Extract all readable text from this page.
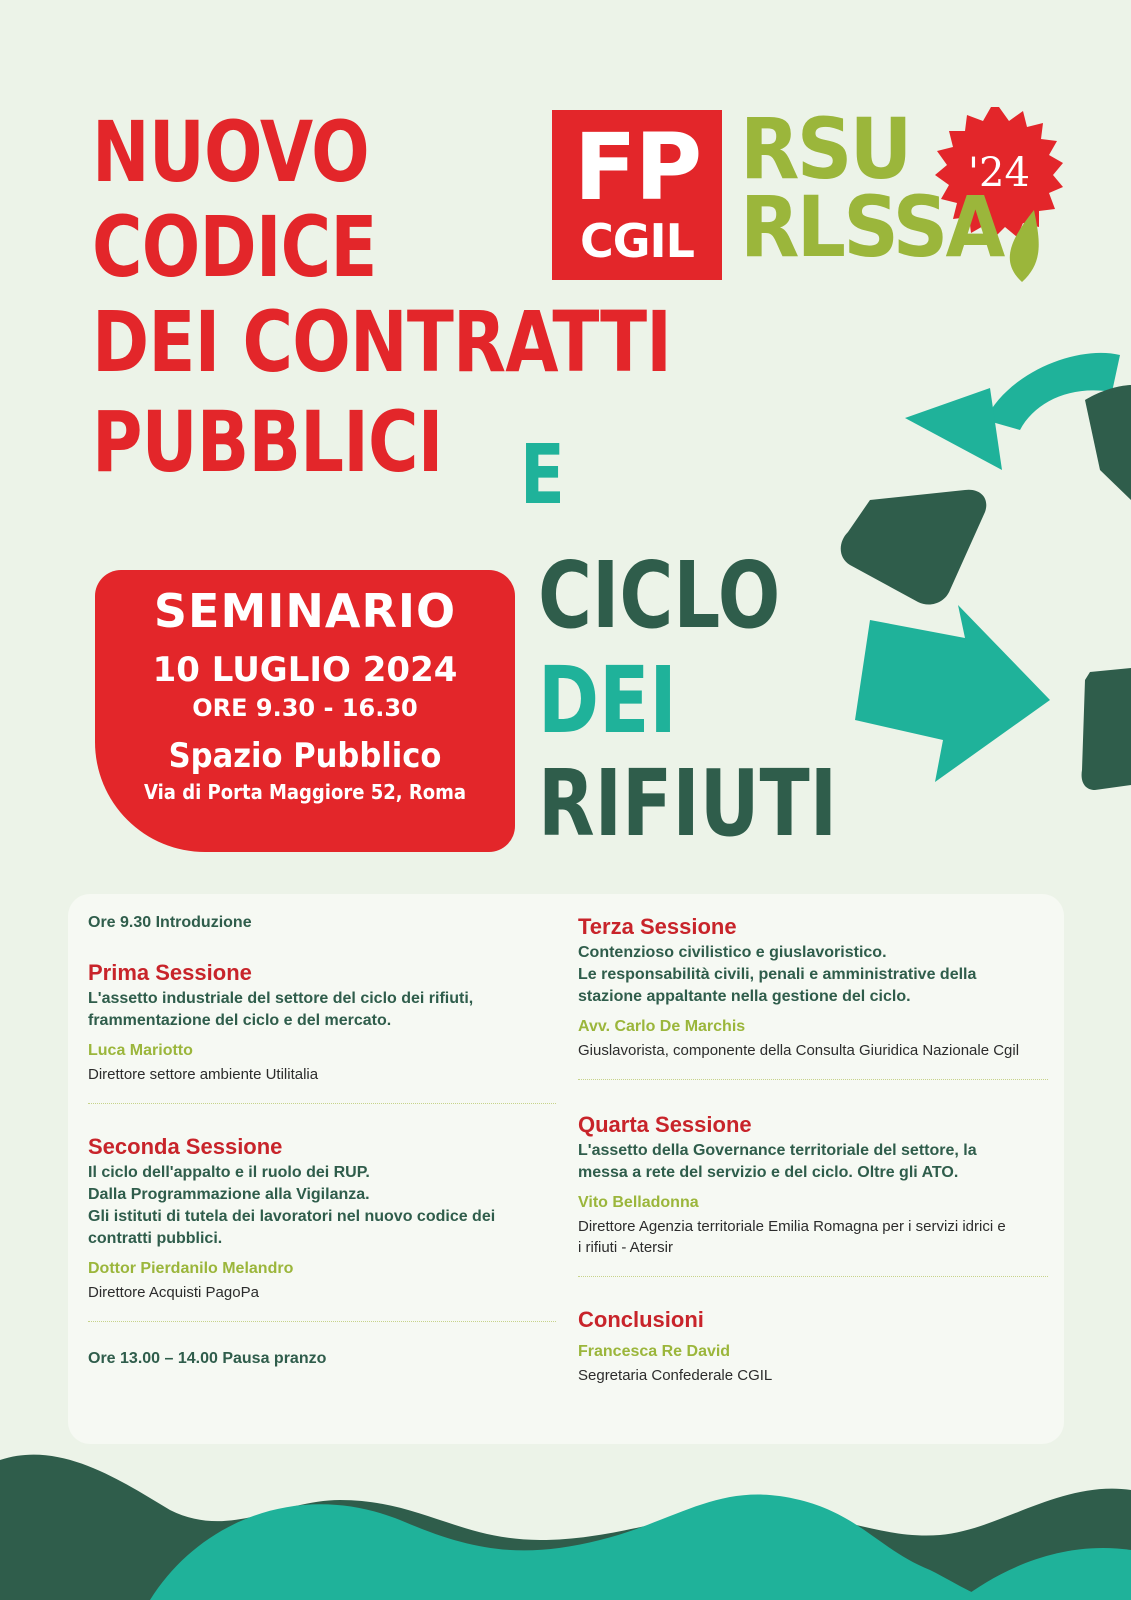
NUOVO
CODICE
DEI CONTRATTI
PUBBLICI E
CICLO
DEI
RIFIUTI
FP
CGIL
RSU
RLSSA
'24
SEMINARIO
10 LUGLIO 2024
ORE 9.30 - 16.30
Spazio Pubblico
Via di Porta Maggiore 52, Roma
Ore 9.30 Introduzione
Prima Sessione
L'assetto industriale del settore del ciclo dei rifiuti,
frammentazione del ciclo e del mercato.
Luca Mariotto
Direttore settore ambiente Utilitalia
Seconda Sessione
Il ciclo dell'appalto e il ruolo dei RUP.
Dalla Programmazione alla Vigilanza.
Gli istituti di tutela dei lavoratori nel nuovo codice dei
contratti pubblici.
Dottor Pierdanilo Melandro
Direttore Acquisti PagoPa
Ore 13.00 – 14.00 Pausa pranzo
Terza Sessione
Contenzioso civilistico e giuslavoristico.
Le responsabilità civili, penali e amministrative della
stazione appaltante nella gestione del ciclo.
Avv. Carlo De Marchis
Giuslavorista, componente della Consulta Giuridica Nazionale Cgil
Quarta Sessione
L'assetto della Governance territoriale del settore, la
messa a rete del servizio e del ciclo. Oltre gli ATO.
Vito Belladonna
Direttore Agenzia territoriale Emilia Romagna per i servizi idrici e
i rifiuti - Atersir
Conclusioni
Francesca Re David
Segretaria Confederale CGIL
